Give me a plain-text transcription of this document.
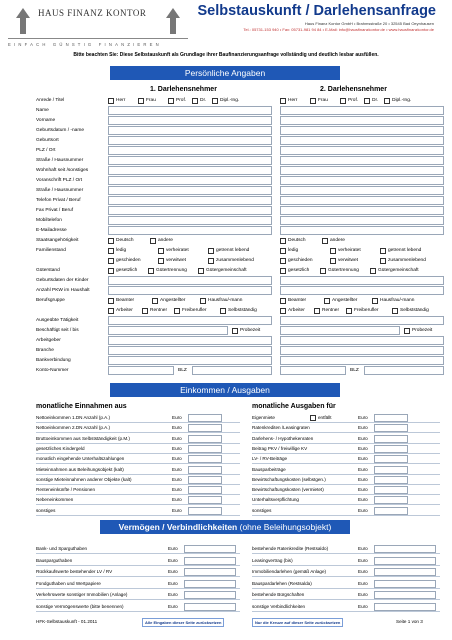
HAUS FINANZ KONTOR
EINFACH GÜNSTIG FINANZIEREN
Selbstauskunft / Darlehensanfrage
Haus Finanz Kontor GmbH • Brahmsstraße 20 • 32545 Bad Oeynhausen
Tel.: 05731-153 940 • Fax: 05731-981 94 84 • E-Mail: info@hausfinanzkontor.de • www.hausfinanzkontor.de
Bitte beachten Sie: Diese Selbstauskunft als Grundlage ihrer Baufinanzierungsanfrage vollständig und deutlich lesbar ausfüllen.
Persönliche Angaben
1. Darlehensnehmer	2. Darlehensnehmer
Einkommen / Ausgaben
monatliche Einnahmen aus	monatliche Ausgaben für
Vermögen / Verbindlichkeiten (ohne Beleihungsobjekt)
HFK-Selbstauskunft - 01.2011	Alle Eingaben dieser Seite zurücksetzen	Nur die Kreuze auf dieser Seite zurücksetzen	Seite 1 von 3
Anrede / Titel	Herr	Frau	Prof.	Dr.	Dipl.-Ing.	Herr	Frau	Prof.	Dr.	Dipl.-Ing.
Name
Vorname
Geburtsdatum / -name
Geburtsort
PLZ / Ort
Straße / Hausnummer
Wohnhaft seit /sonstiges
Voranschrift PLZ / Ort
Straße / Hausnummer
Telefon Privat / Beruf
Fax Privat / Beruf
Mobiltelefon
E-Mailadresse
Staatsangehörigkeit	Deutsch	andere	Deutsch	andere
Familienstand	ledig	verheiratet	getrennt lebend	ledig	verheiratet	getrennt lebend
geschieden	verwitwet	zusammenlebend	geschieden	verwitwet	zusammenlebend
Güterstand	gesetzlich	Gütertrennung	Gütergemeinschaft	gesetzlich	Gütertrennung	Gütergemeinschaft
Geburtsdaten der Kinder
Anzahl PKW im Haushalt
Berufsgruppe	Beamter	Angestellter	Hausfrau/-mann	Beamter	Angestellter	Hausfrau/-mann
Arbeiter	Rentner	Freiberufler	Selbstständig	Arbeiter	Rentner	Freiberufler	Selbstständig
Ausgeübte Tätigkeit
Beschäftigt seit / bis	Probezeit	Probezeit
Arbeitgeber
Branche
Bankverbindung
Konto-Nummer	BLZ	BLZ
Nettoeinkommen 1.DN Anzahl (p.A.)	Euro	Eigenmiete	entfällt	Euro
Nettoeinkommen 2.DN Anzahl (p.A.)	Euro	Ratenkrediten /Leasingraten	Euro
Bruttoeinkommen aus Selbstständigkeit (p.M.)	Euro	Darlehens- / Hypothekenraten	Euro
gesetzliches Kindergeld	Euro	Beitrag PKV / freiwillige KV	Euro
monatlich eingehende Unterhaltszahlungen	Euro	LV- / RV-Beiträge	Euro
Mieteinnahmen aus Beleihungsobjekt (kalt)	Euro	Bausparbeiträge	Euro
sonstige Mieteinnahmen anderer Objekte (kalt)	Euro	Bewirtschaftungskosten (selbstgen.)	Euro
Renteneinkünfte / Pensionen	Euro	Bewirtschaftungskosten (vermietet)	Euro
Nebeneinkommen	Euro	Unterhaltsverpflichtung	Euro
sonstiges	Euro	sonstiges	Euro
Bank- und Sparguthaben	Euro	bestehende Ratenkredite (Restsaldo)	Euro
Bausparguthaben	Euro	Leasingvertrag (bis)	Euro
Rückkaufswerte bestehender LV / RV	Euro	Immobiliendarlehen (gemäß Anlage)	Euro
Fondguthaben und Wertpapiere	Euro	Bauspardarlehen (Restsalda)	Euro
Verkehrswerte sonstiger Immobilien (Anlage)	Euro	bestehende Bürgschaften	Euro
sonstige Vermögenswerte (bitte benennen)	Euro	sonstige Verbindlichkeiten	Euro
